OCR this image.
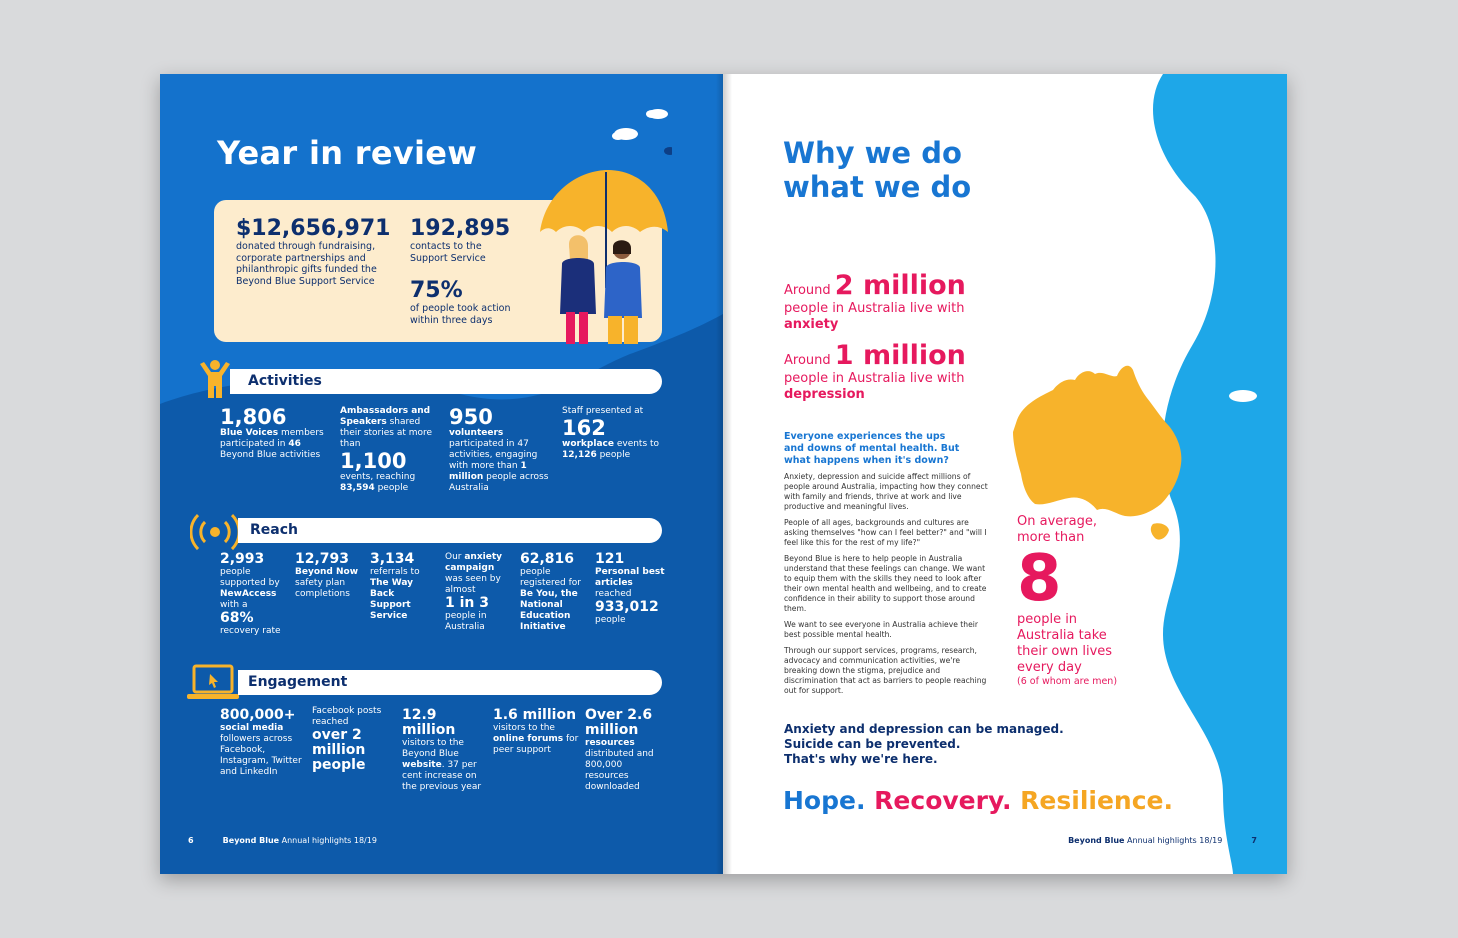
Year in review
$12,656,971
donated through fundraising, corporate partnerships and philanthropic gifts funded the Beyond Blue Support Service
192,895
contacts to the Support Service
75%
of people took action within three days
Activities
1,806
Blue Voices members participated in 46 Beyond Blue activities
Ambassadors and Speakers shared their stories at more than
1,100
events, reaching 83,594 people
950
volunteers
participated in 47 activities, engaging with more than 1 million people across Australia
Staff presented at
162
workplace events to 12,126 people
Reach
2,993
people supported by NewAccess with a
68%
recovery rate
12,793
Beyond Now safety plan completions
3,134
referrals to The Way Back Support Service
Our anxiety campaign was seen by almost
1 in 3
people in Australia
62,816
people registered for Be You, the National Education Initiative
121
Personal best articles reached
933,012
people
Engagement
800,000+
social media followers across Facebook, Instagram, Twitter and LinkedIn
Facebook posts reached
over 2 million people
12.9 million
visitors to the Beyond Blue website. 37 per cent increase on the previous year
1.6 million
visitors to the online forums for peer support
Over 2.6 million
resources distributed and 800,000 resources downloaded
6	Beyond Blue Annual highlights 18/19
Why we do what we do
Around 2 million
people in Australia live with
anxiety
Around 1 million
people in Australia live with
depression
Everyone experiences the ups and downs of mental health. But what happens when it's down?

Anxiety, depression and suicide affect millions of people around Australia, impacting how they connect with family and friends, thrive at work and live productive and meaningful lives.

People of all ages, backgrounds and cultures are asking themselves "how can I feel better?" and "will I feel like this for the rest of my life?"

Beyond Blue is here to help people in Australia understand that these feelings can change. We want to equip them with the skills they need to look after their own mental health and wellbeing, and to create confidence in their ability to support those around them.

We want to see everyone in Australia achieve their best possible mental health.

Through our support services, programs, research, advocacy and communication activities, we're breaking down the stigma, prejudice and discrimination that act as barriers to people reaching out for support.

On average, more than
8
people in Australia take their own lives every day
(6 of whom are men)
Anxiety and depression can be managed.
Suicide can be prevented.
That's why we're here.
Hope. Recovery. Resilience.
Beyond Blue Annual highlights 18/19	7
